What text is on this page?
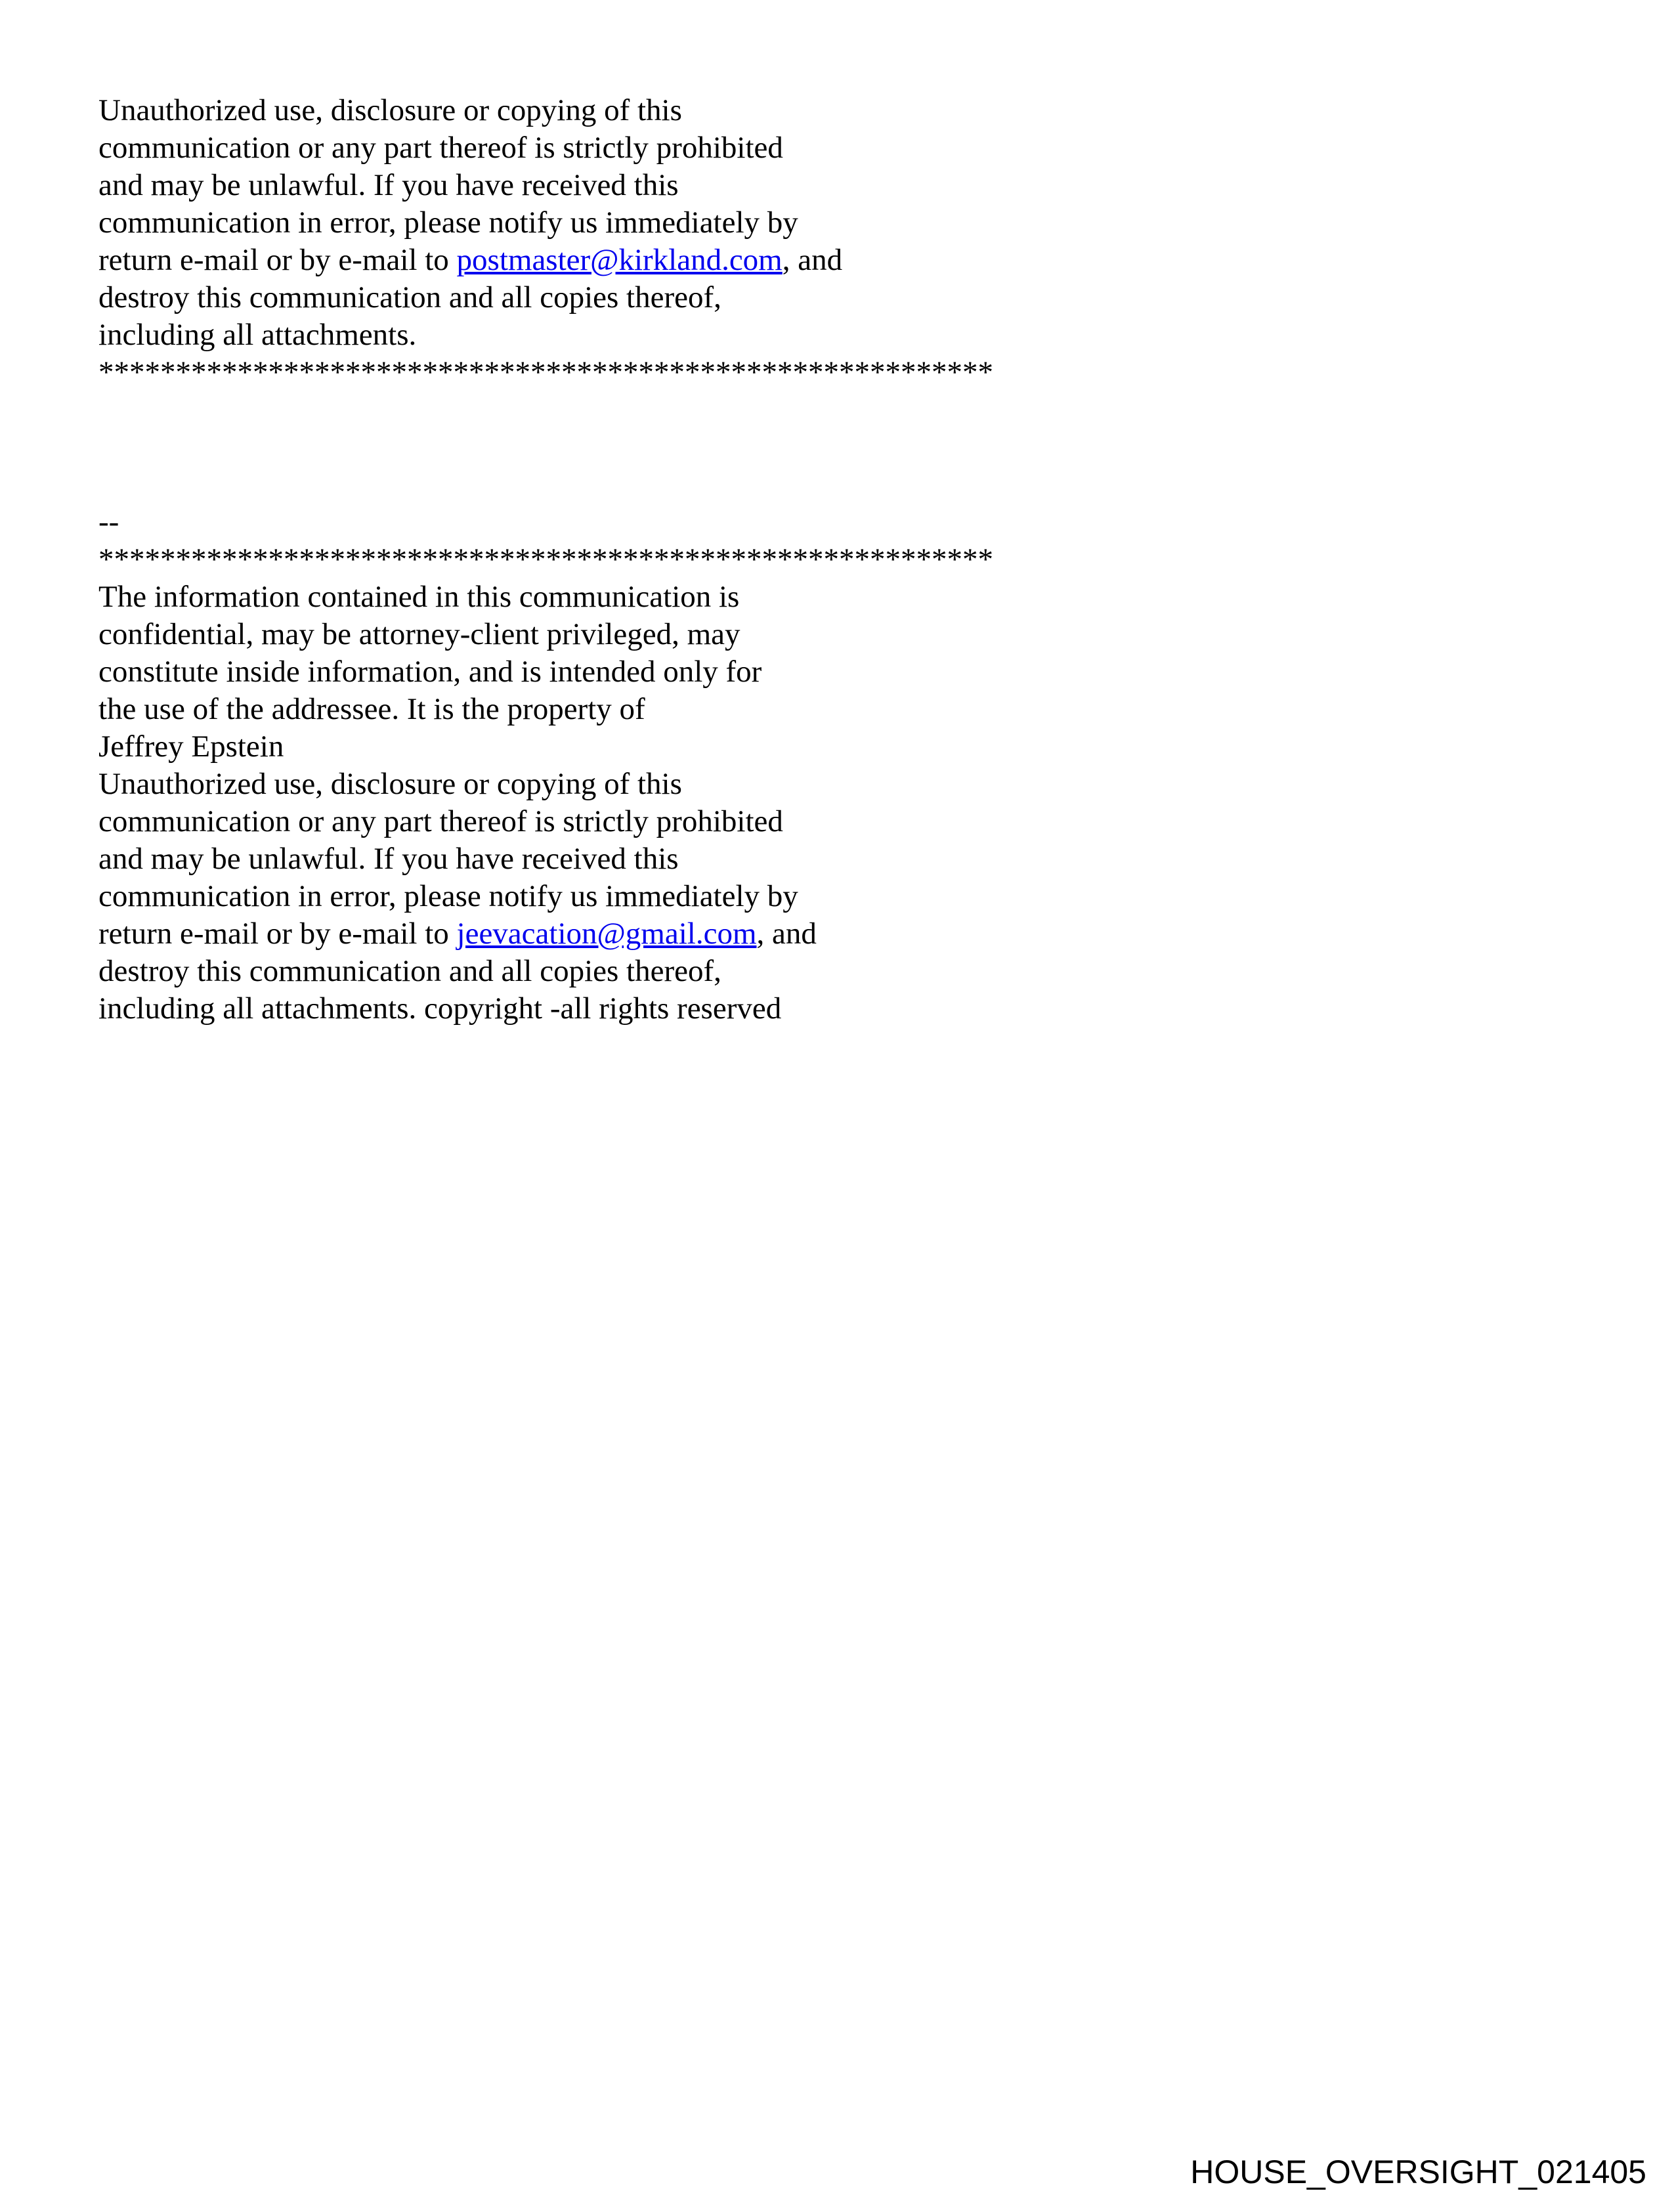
Unauthorized use, disclosure or copying of this
communication or any part thereof is strictly prohibited
and may be unlawful. If you have received this
communication in error, please notify us immediately by
return e-mail or by e-mail to postmaster@kirkland.com, and
destroy this communication and all copies thereof,
including all attachments.
**********************************************************
--
**********************************************************
The information contained in this communication is
confidential, may be attorney-client privileged, may
constitute inside information, and is intended only for
the use of the addressee. It is the property of
Jeffrey Epstein
Unauthorized use, disclosure or copying of this
communication or any part thereof is strictly prohibited
and may be unlawful. If you have received this
communication in error, please notify us immediately by
return e-mail or by e-mail to jeevacation@gmail.com, and
destroy this communication and all copies thereof,
including all attachments. copyright -all rights reserved
HOUSE_OVERSIGHT_021405
